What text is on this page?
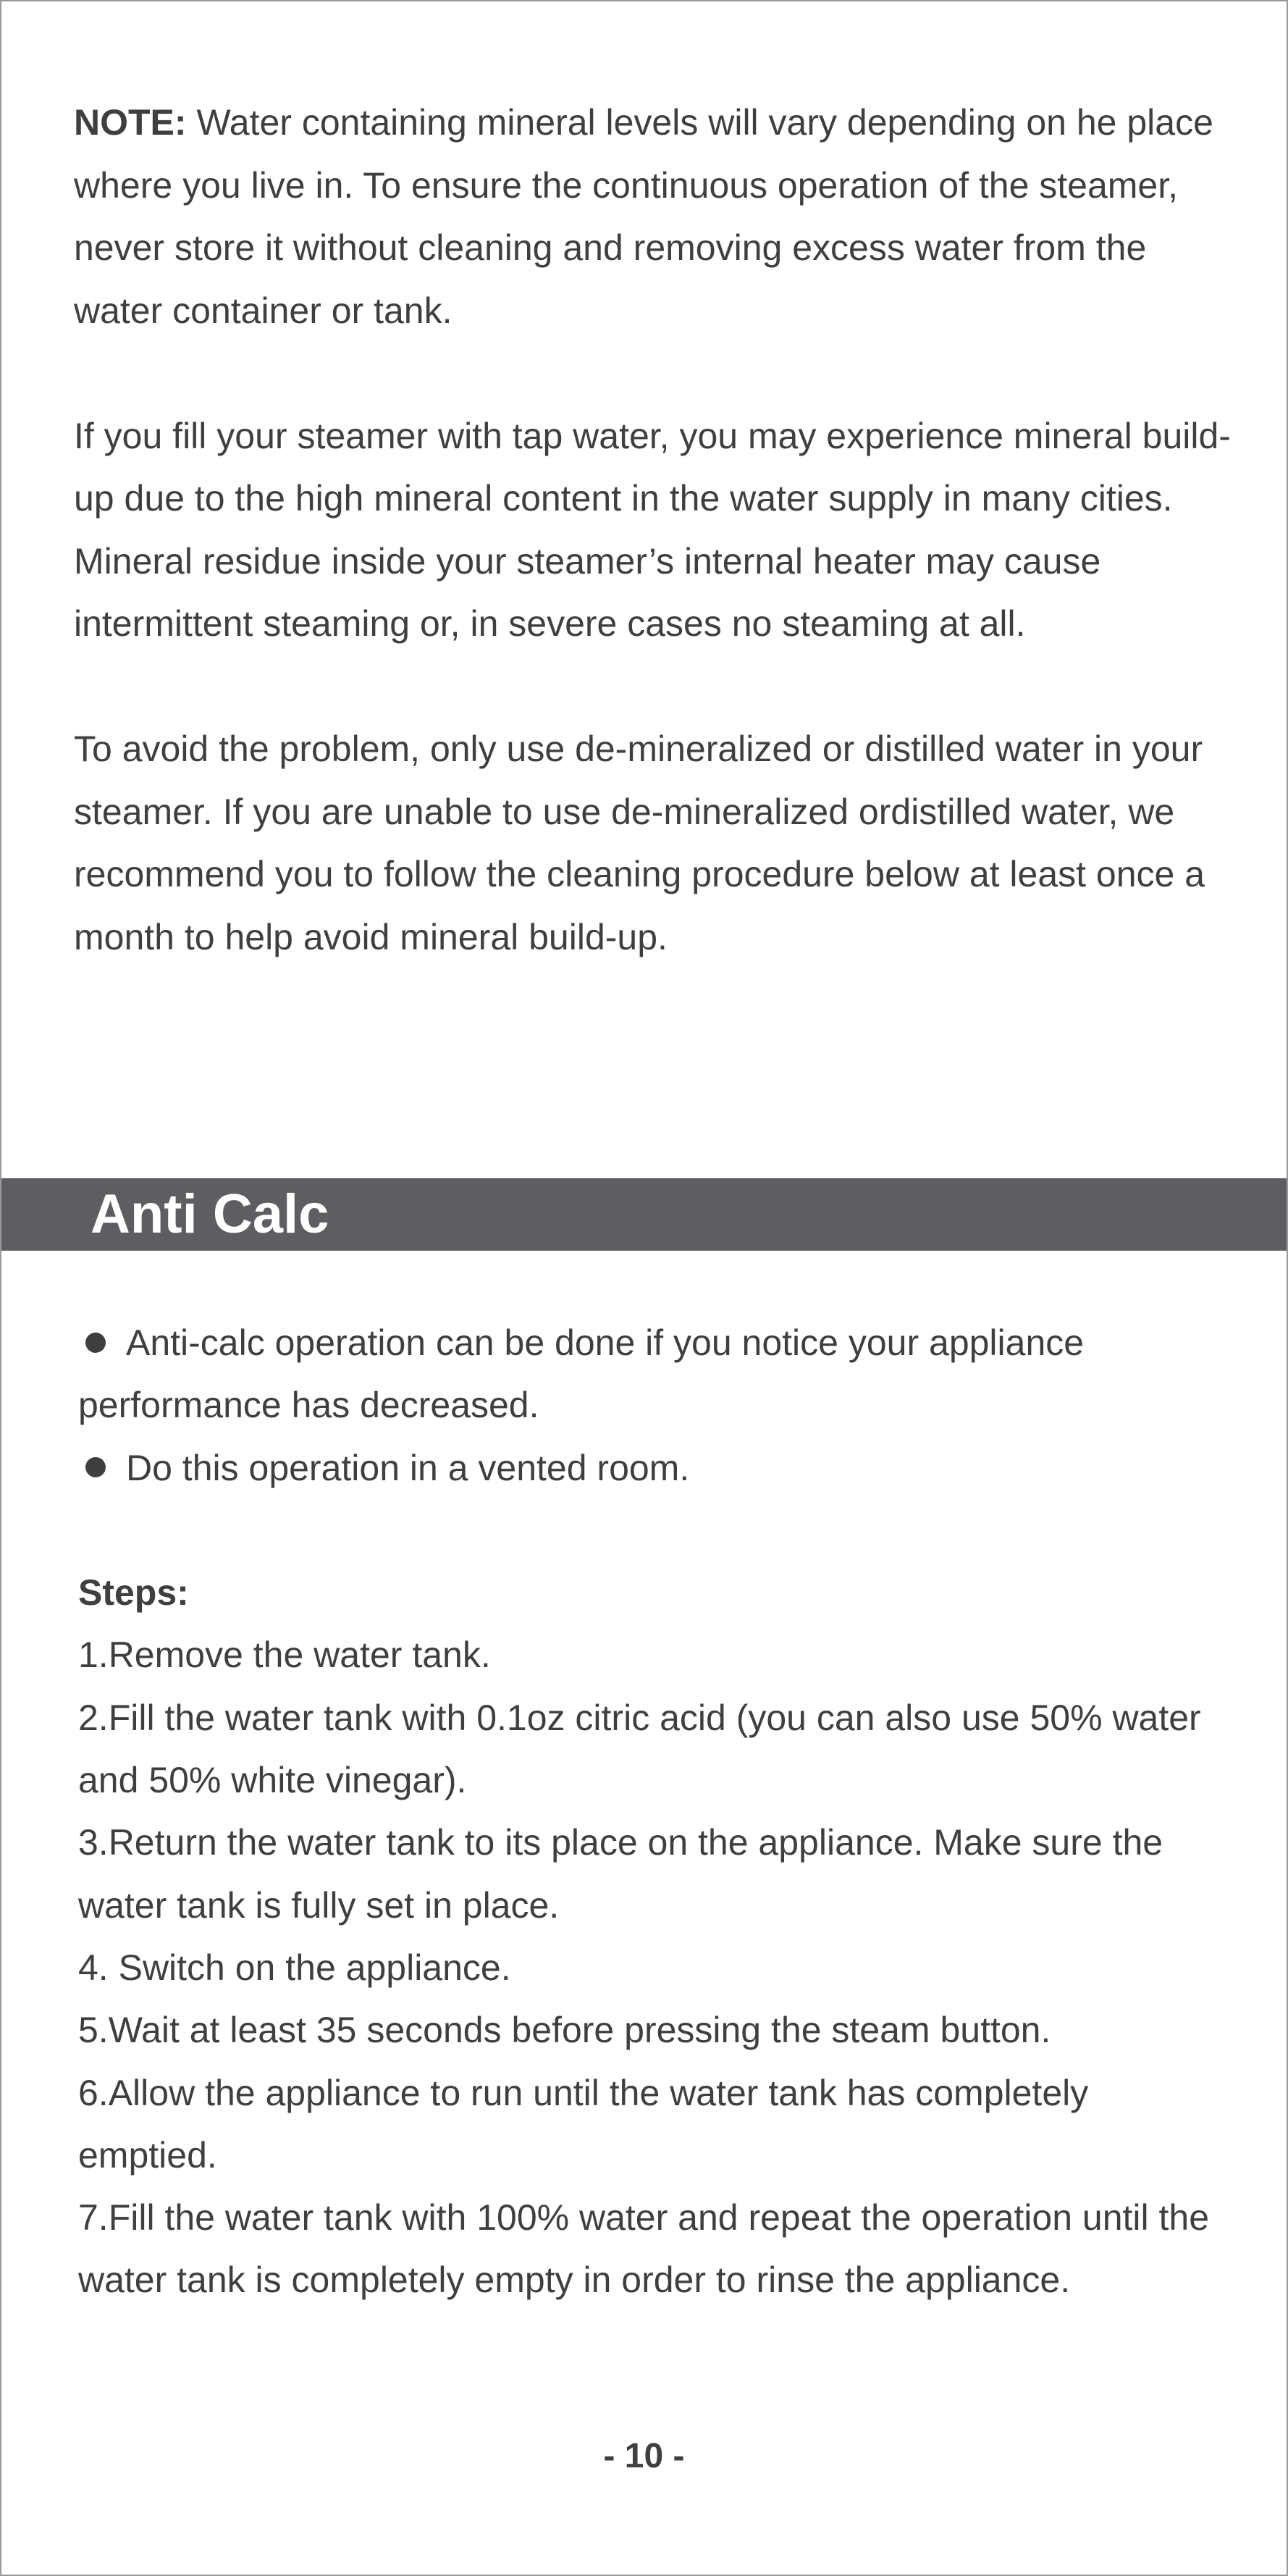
NOTE: Water containing mineral levels will vary depending on he place where you live in. To ensure the continuous operation of the steamer, never store it without cleaning and removing excess water from the water container or tank.

If you fill your steamer with tap water, you may experience mineral build-up due to the high mineral content in the water supply in many cities. Mineral residue inside your steamer’s internal heater may cause intermittent steaming or, in severe cases no steaming at all.

To avoid the problem, only use de-mineralized or distilled water in your steamer. If you are unable to use de-mineralized ordistilled water, we recommend you to follow the cleaning procedure below at least once a month to help avoid mineral build-up.

Anti Calc
Anti-calc operation can be done if you notice your appliance performance has decreased.
Do this operation in a vented room.
Steps:
1.Remove the water tank.
2.Fill the water tank with 0.1oz citric acid (you can also use 50% water and 50% white vinegar).
3.Return the water tank to its place on the appliance. Make sure the water tank is fully set in place.
4. Switch on the appliance.
5.Wait at least 35 seconds before pressing the steam button.
6.Allow the appliance to run until the water tank has completely emptied.
7.Fill the water tank with 100% water and repeat the operation until the water tank is completely empty in order to rinse the appliance.
- 10 -
